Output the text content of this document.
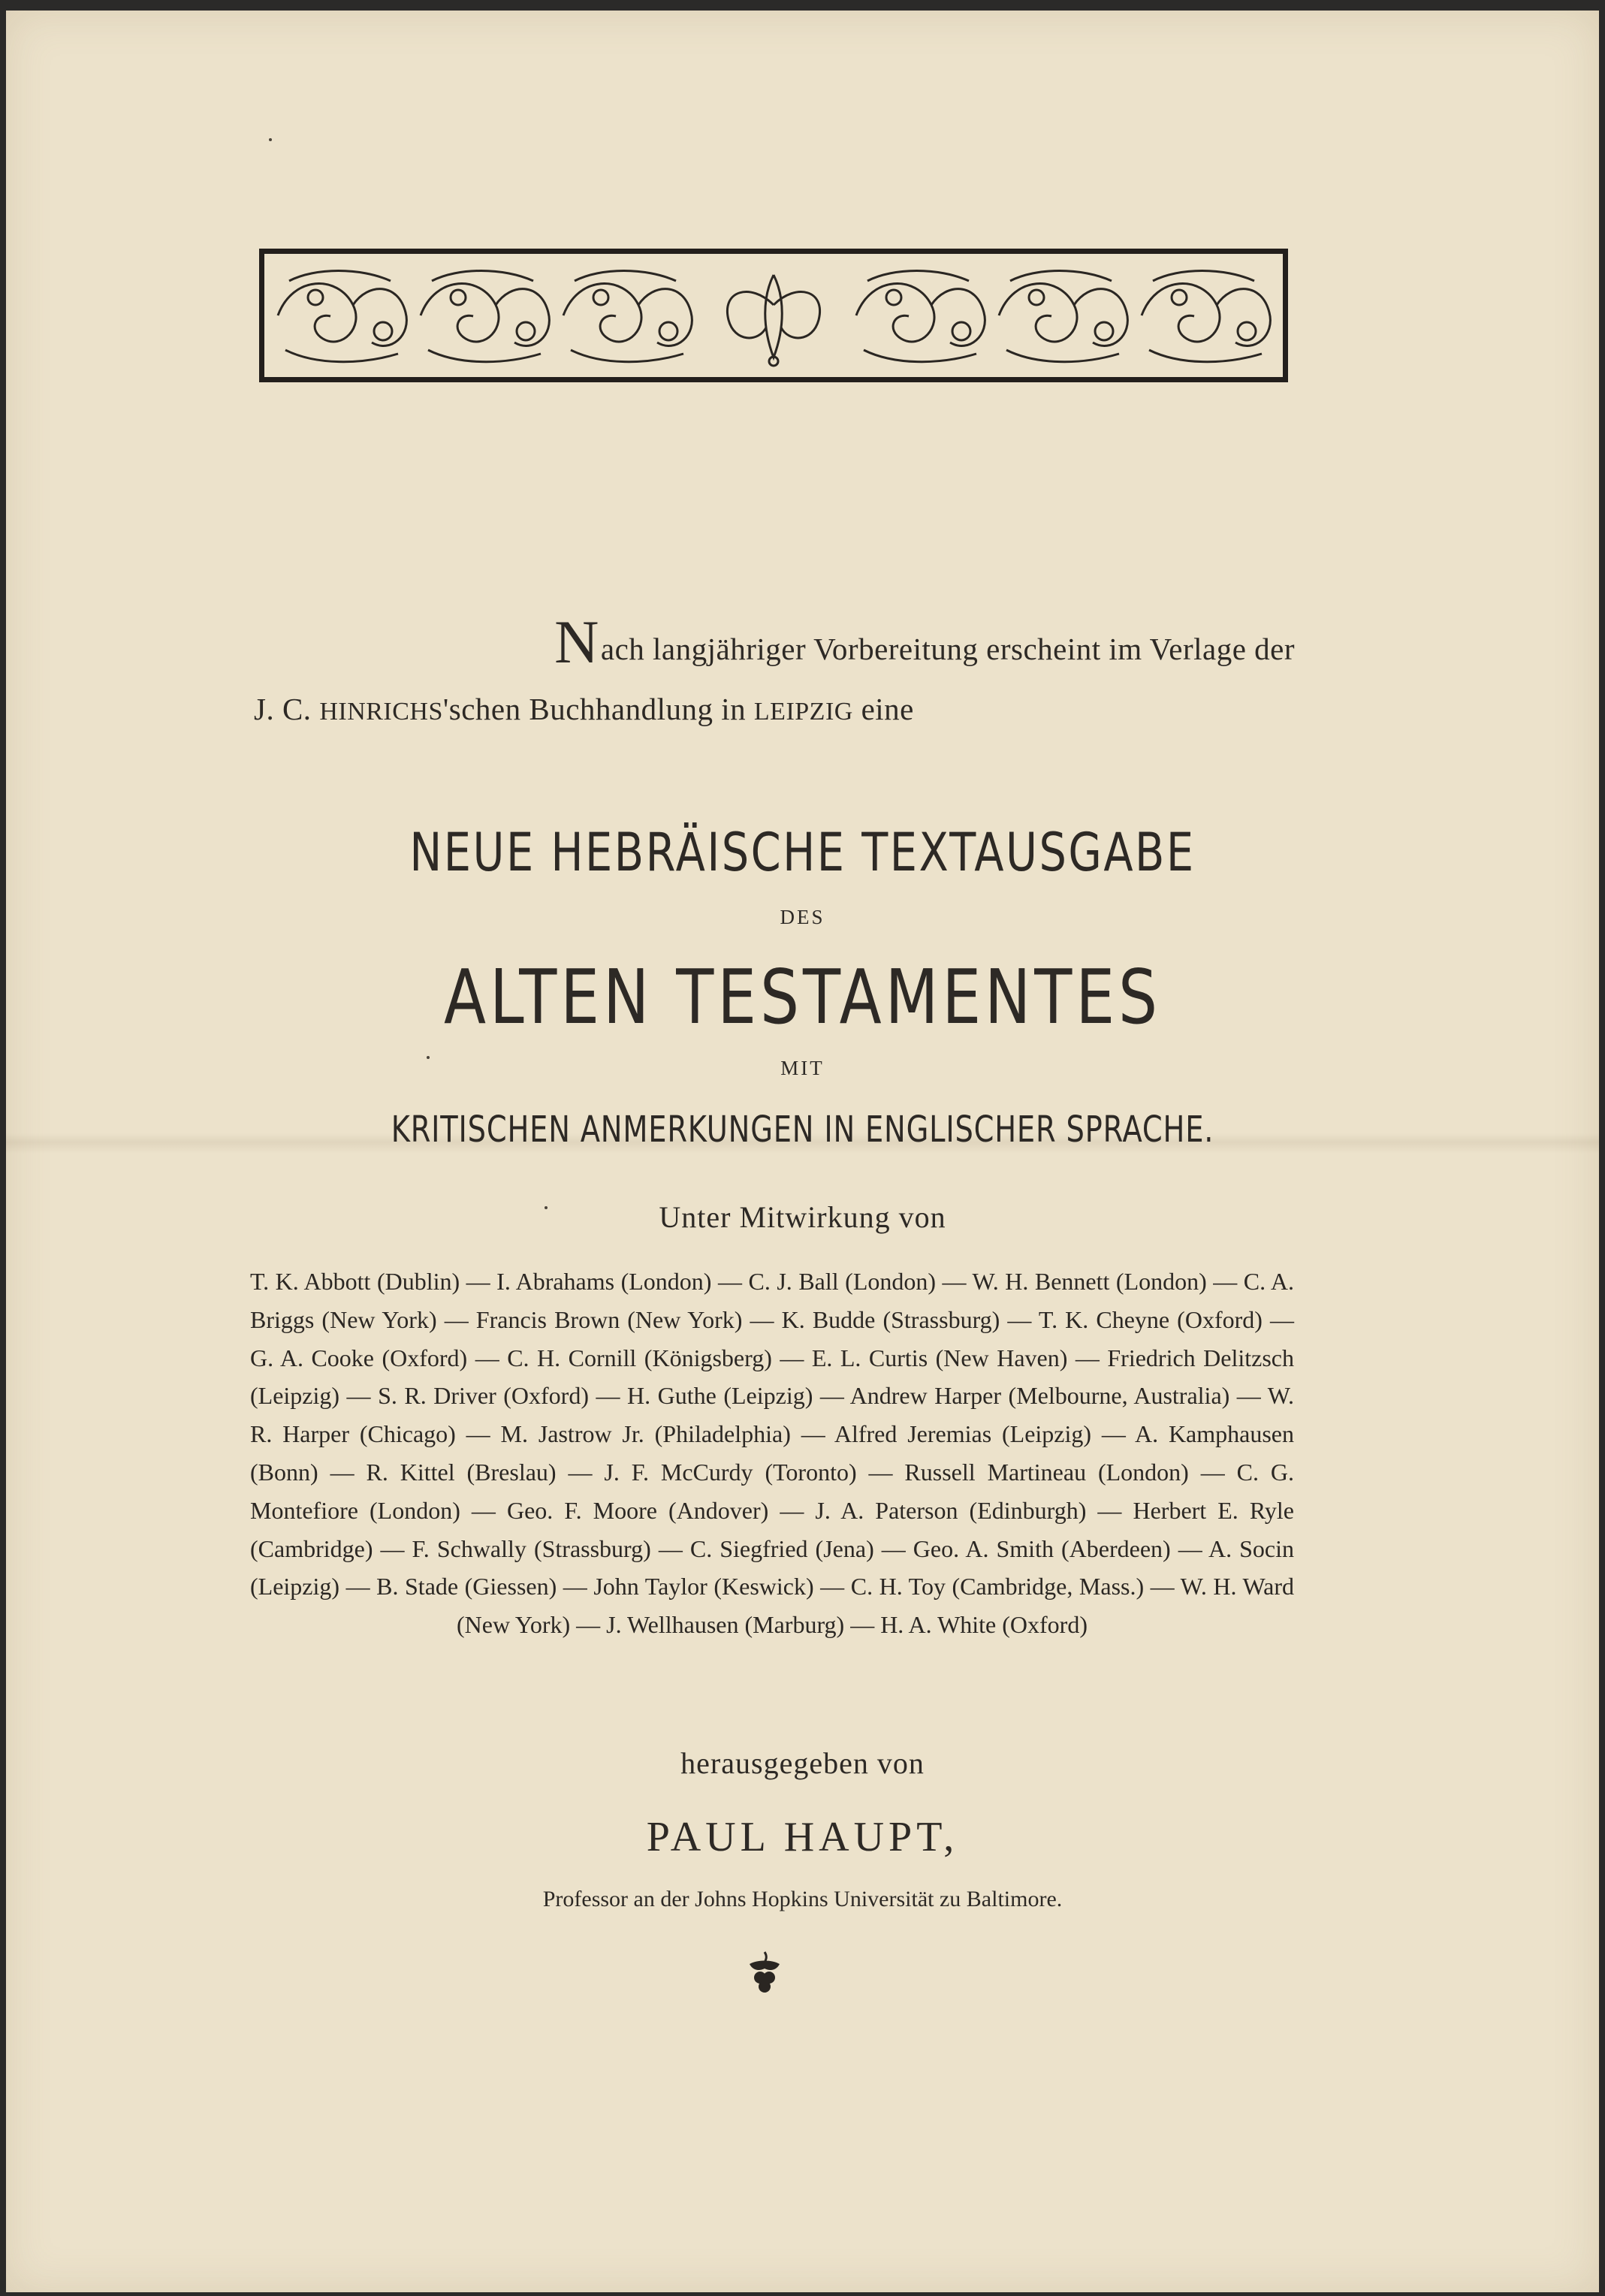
Nach langjähriger Vorbereitung erscheint im Verlage der
J. C. HINRICHS'schen Buchhandlung in LEIPZIG eine
NEUE HEBRÄISCHE TEXTAUSGABE
DES
ALTEN TESTAMENTES
MIT
KRITISCHEN ANMERKUNGEN IN ENGLISCHER SPRACHE.
Unter Mitwirkung von
T. K. Abbott (Dublin) — I. Abrahams (London) — C. J. Ball (London) — W. H. Bennett (London) — C. A. Briggs (New York) — Francis Brown (New York) — K. Budde (Strassburg) — T. K. Cheyne (Oxford) — G. A. Cooke (Oxford) — C. H. Cornill (Königsberg) — E. L. Curtis (New Haven) — Friedrich Delitzsch (Leipzig) — S. R. Driver (Oxford) — H. Guthe (Leipzig) — Andrew Harper (Melbourne, Australia) — W. R. Harper (Chicago) — M. Jastrow Jr. (Philadelphia) — Alfred Jeremias (Leipzig) — A. Kamphausen (Bonn) — R. Kittel (Breslau) — J. F. McCurdy (Toronto) — Russell Martineau (London) — C. G. Montefiore (London) — Geo. F. Moore (Andover) — J. A. Paterson (Edinburgh) — Herbert E. Ryle (Cambridge) — F. Schwally (Strassburg) — C. Siegfried (Jena) — Geo. A. Smith (Aberdeen) — A. Socin (Leipzig) — B. Stade (Giessen) — John Taylor (Keswick) — C. H. Toy (Cambridge, Mass.) — W. H. Ward (New York) — J. Wellhausen (Marburg) — H. A. White (Oxford)
herausgegeben von
PAUL HAUPT,
Professor an der Johns Hopkins Universität zu Baltimore.
